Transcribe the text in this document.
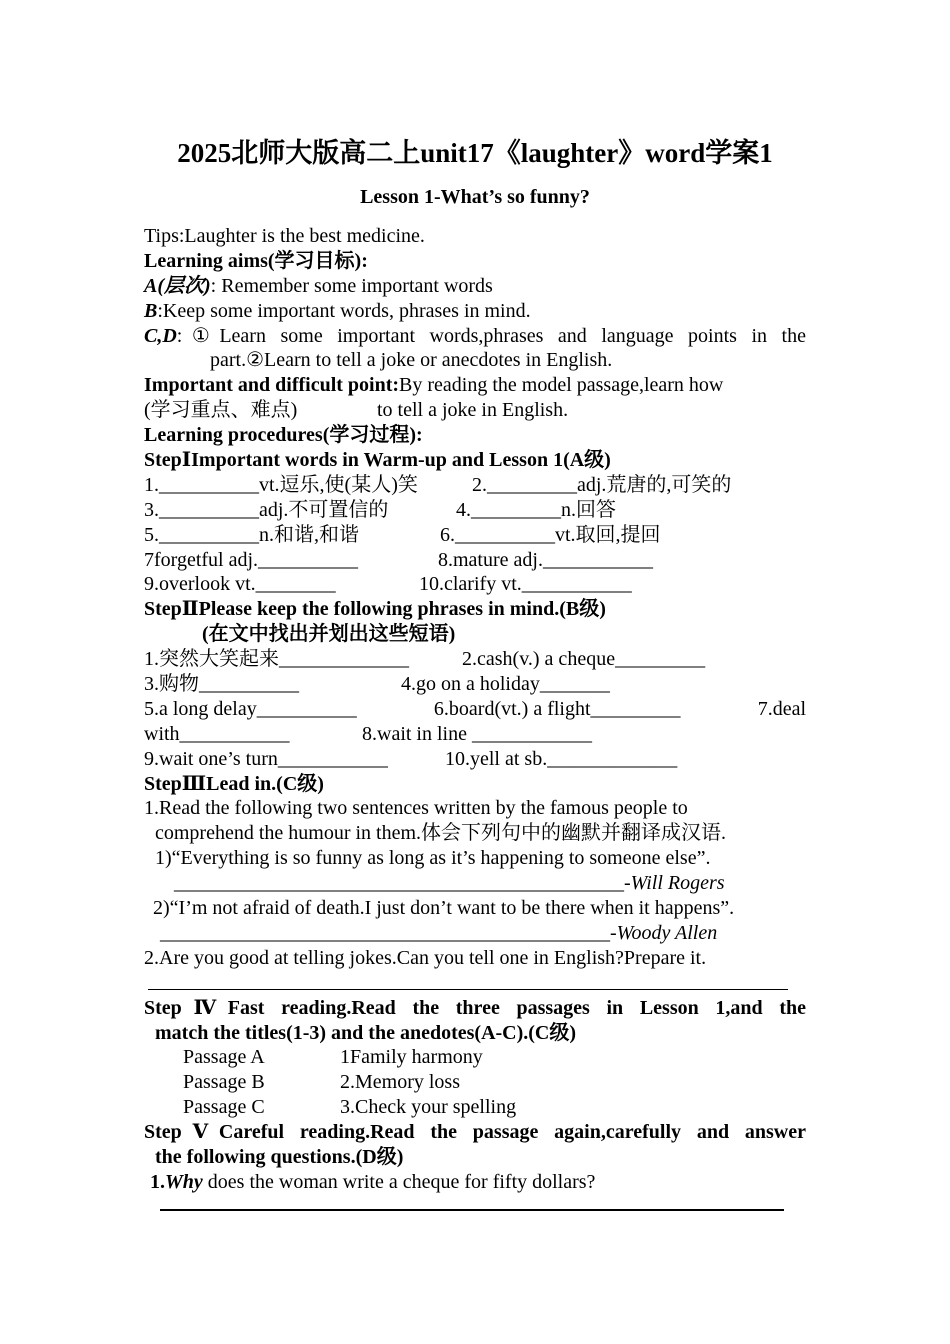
2025北师大版高二上unit17《laughter》word学案1
Lesson 1-What’s so funny?
Tips:Laughter is the best medicine.
Learning aims(学习目标):
A(层次): Remember some important words
B:Keep some important words, phrases in mind.
C,D:①Learn some important words,phrases and language points in the
part.②Learn to tell a joke or anecdotes in English.
Important and difficult point:By reading the model passage,learn how
(学习重点、难点)	to tell a joke in English.
Learning procedures(学习过程):
StepⅠImportant words in Warm-up and Lesson 1(A级)
1.__________vt.逗乐,使(某人)笑	2._________adj.荒唐的,可笑的
3.__________adj.不可置信的	4._________n.回答
5.__________n.和谐,和谐	6.__________vt.取回,提回
7forgetful adj.__________	8.mature adj.___________
9.overlook vt.________	10.clarify vt.___________
StepⅡPlease keep the following phrases in mind.(B级)
(在文中找出并划出这些短语)
1.突然大笑起来_____________	2.cash(v.) a cheque_________
3.购物__________	4.go on a holiday_______
5.a long delay__________	6.board(vt.) a flight_________	7.deal
with___________	8.wait in line ____________
9.wait one’s turn___________	10.yell at sb._____________
StepⅢLead in.(C级)
1.Read the following two sentences written by the famous people to
comprehend the humour in them.体会下列句中的幽默并翻译成汉语.
1)“Everything is so funny as long as it’s happening to someone else”.
_____________________________________________-Will Rogers
2)“I’m not afraid of death.I just don’t want to be there when it happens”.
_____________________________________________-Woody Allen
2.Are you good at telling jokes.Can you tell one in English?Prepare it.
StepⅣFast reading.Read the three passages in Lesson 1,and the
match the titles(1-3) and the anedotes(A-C).(C级)
Passage A	1Family harmony
Passage B	2.Memory loss
Passage C	3.Check your spelling
StepⅤCareful reading.Read the passage again,carefully and answer
the following questions.(D级)
1.Why does the woman write a cheque for fifty dollars?
